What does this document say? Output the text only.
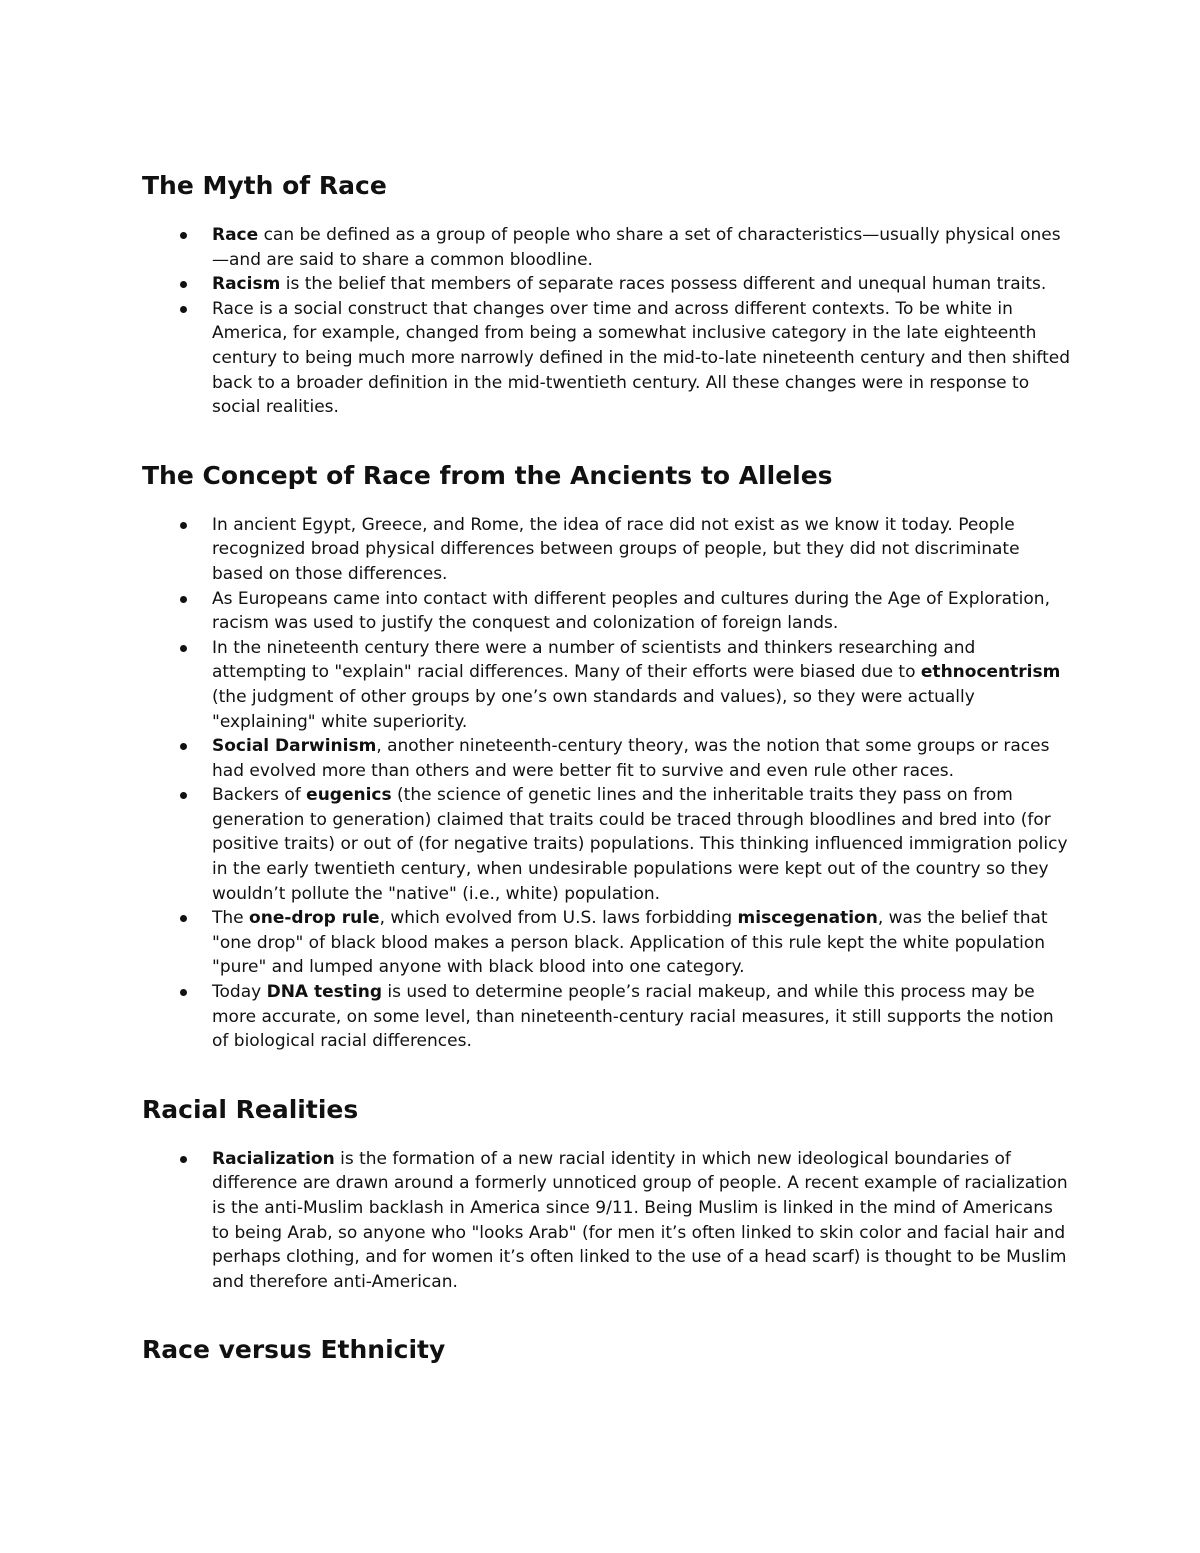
The Myth of Race
Race can be defined as a group of people who share a set of characteristics—usually physical ones—and are said to share a common bloodline.
Racism is the belief that members of separate races possess different and unequal human traits.
Race is a social construct that changes over time and across different contexts. To be white in America, for example, changed from being a somewhat inclusive category in the late eighteenth century to being much more narrowly defined in the mid-to-late nineteenth century and then shifted back to a broader definition in the mid-twentieth century. All these changes were in response to social realities.
The Concept of Race from the Ancients to Alleles
In ancient Egypt, Greece, and Rome, the idea of race did not exist as we know it today. People recognized broad physical differences between groups of people, but they did not discriminate based on those differences.
As Europeans came into contact with different peoples and cultures during the Age of Exploration, racism was used to justify the conquest and colonization of foreign lands.
In the nineteenth century there were a number of scientists and thinkers researching and attempting to "explain" racial differences. Many of their efforts were biased due to ethnocentrism (the judgment of other groups by one’s own standards and values), so they were actually "explaining" white superiority.
Social Darwinism, another nineteenth-century theory, was the notion that some groups or races had evolved more than others and were better fit to survive and even rule other races.
Backers of eugenics (the science of genetic lines and the inheritable traits they pass on from generation to generation) claimed that traits could be traced through bloodlines and bred into (for positive traits) or out of (for negative traits) populations. This thinking influenced immigration policy in the early twentieth century, when undesirable populations were kept out of the country so they wouldn’t pollute the "native" (i.e., white) population.
The one-drop rule, which evolved from U.S. laws forbidding miscegenation, was the belief that "one drop" of black blood makes a person black. Application of this rule kept the white population "pure" and lumped anyone with black blood into one category.
Today DNA testing is used to determine people’s racial makeup, and while this process may be more accurate, on some level, than nineteenth-century racial measures, it still supports the notion of biological racial differences.
Racial Realities
Racialization is the formation of a new racial identity in which new ideological boundaries of difference are drawn around a formerly unnoticed group of people. A recent example of racialization is the anti-Muslim backlash in America since 9/11. Being Muslim is linked in the mind of Americans to being Arab, so anyone who "looks Arab" (for men it’s often linked to skin color and facial hair and perhaps clothing, and for women it’s often linked to the use of a head scarf) is thought to be Muslim and therefore anti-American.
Race versus Ethnicity
